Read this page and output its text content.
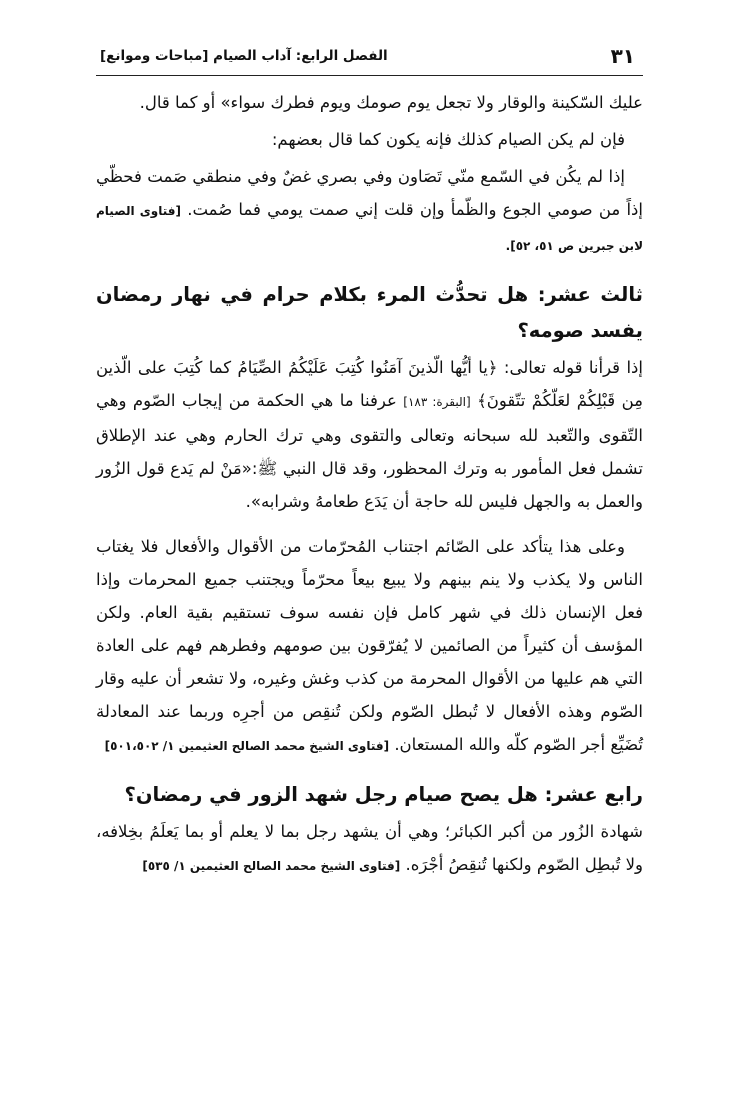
٣١
الفصل الرابع: آداب الصيام [مباحات وموانع]

عليك السّكينة والوقار ولا تجعل يوم صومك ويوم فطرك سواء» أو كما قال.

فإن لم يكن الصيام كذلك فإنه يكون كما قال بعضهم:

إذا لم يكُن في السّمع منّي تَصَاون وفي بصري غضٌ وفي منطقي صَمت فحظّي إذاً من صومي الجوع والظّمأ وإن قلت إني صمت يومي فما صُمت. [فتاوى الصيام لابن جبرين ص ٥١، ٥٢].

ثالث عشر: هل تحدُّث المرء بكلام حرام في نهار رمضان يفسد صومه؟

إذا قرأنا قوله تعالى: ﴿يا أيُّها الّذينَ آمَنُوا كُتِبَ عَلَيْكُمُ الصِّيَامُ كما كُتِبَ على الّذين مِن قَبْلِكُمْ لعَلّكُمْ تتّقونَ﴾ [البقرة: ١٨٣] عرفنا ما هي الحكمة من إيجاب الصّوم وهي التّقوى والتّعبد لله سبحانه وتعالى والتقوى وهي ترك الحارم وهي عند الإطلاق تشمل فعل المأمور به وترك المحظور، وقد قال النبي ﷺ:«مَنْ لم يَدع قول الزُور والعمل به والجهل فليس لله حاجة أن يَدَع طعامهُ وشرابه».

وعلى هذا يتأكد على الصّائم اجتناب المُحرّمات من الأقوال والأفعال فلا يغتاب الناس ولا يكذب ولا ينم بينهم ولا يبيع بيعاً محرّماً ويجتنب جميع المحرمات وإذا فعل الإنسان ذلك في شهر كامل فإن نفسه سوف تستقيم بقية العام. ولكن المؤسف أن كثيراً من الصائمين لا يُفرّقون بين صومهم وفطرهم فهم على العادة التي هم عليها من الأقوال المحرمة من كذب وغش وغيره، ولا تشعر أن عليه وقار الصّوم وهذه الأفعال لا تُبطل الصّوم ولكن تُنقِص من أجرِه وربما عند المعادلة تُضَيِّع أجر الصّوم كلّه والله المستعان. [فتاوى الشيخ محمد الصالح العثيمين ١/ ٥٠١،٥٠٢]

رابع عشر: هل يصح صيام رجل شهد الزور في رمضان؟

شهادة الزُور من أكبر الكبائر؛ وهي أن يشهد رجل بما لا يعلم أو بما يَعلَمُ بخِلافه، ولا تُبطِل الصّوم ولكنها تُنقِصُ أجْرَه. [فتاوى الشيخ محمد الصالح العثيمين ١/ ٥٣٥]
